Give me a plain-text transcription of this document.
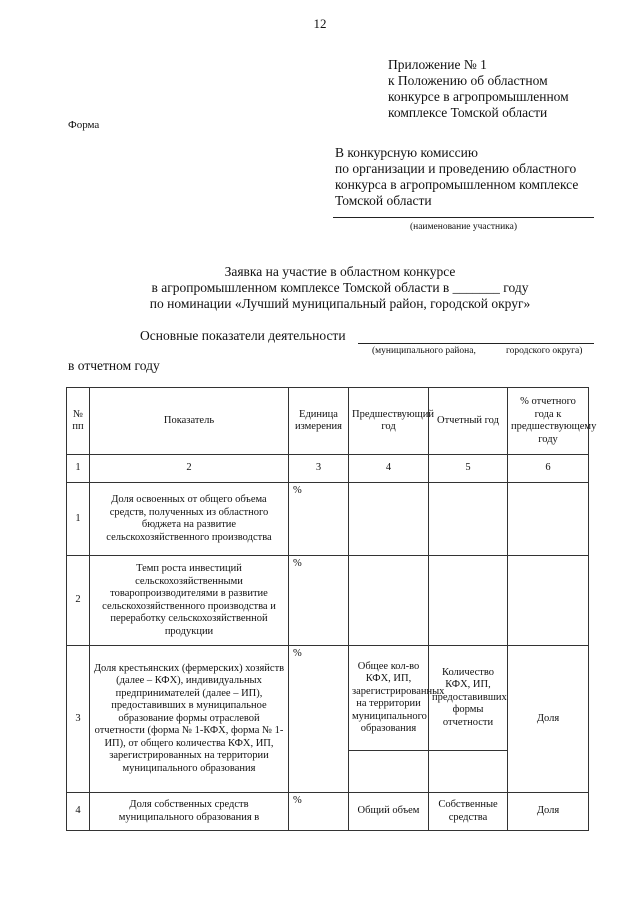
12
Приложение № 1
к Положению об областном
конкурсе в агропромышленном
комплексе Томской области
Форма
В конкурсную комиссию
по организации и проведению областного
конкурса в агропромышленном комплексе
Томской области
(наименование участника)
Заявка на участие в областном конкурсе
в агропромышленном комплексе Томской области в _______ году
по номинации «Лучший муниципальный район, городской округ»
Основные показатели деятельности
(муниципального района,	городского округа)
в отчетном году
№ пп	Показатель	Единица измерения	Предшествующий год	Отчетный год	% отчетного года к предшествующему году
1	2	3	4	5	6
1	Доля освоенных от общего объема средств, полученных из областного бюджета на развитие сельскохозяйственного производства	%			
2	Темп роста инвестиций сельскохозяйственными товаропроизводителями в развитие сельскохозяйственного производства и переработку сельскохозяйственной продукции	%			
3	Доля крестьянских (фермерских) хозяйств (далее – КФХ), индивидуальных предпринимателей (далее – ИП), предоставивших в муниципальное образование формы отраслевой отчетности (форма № 1-КФХ, форма № 1-ИП), от общего количества КФХ, ИП, зарегистрированных на территории муниципального образования	%	Общее кол-во КФХ, ИП, зарегистрированных на территории муниципального образования	Количество КФХ, ИП, предоставивших формы отчетности	Доля

4	Доля собственных средств муниципального образования в	%	Общий объем	Собственные средства	Доля
